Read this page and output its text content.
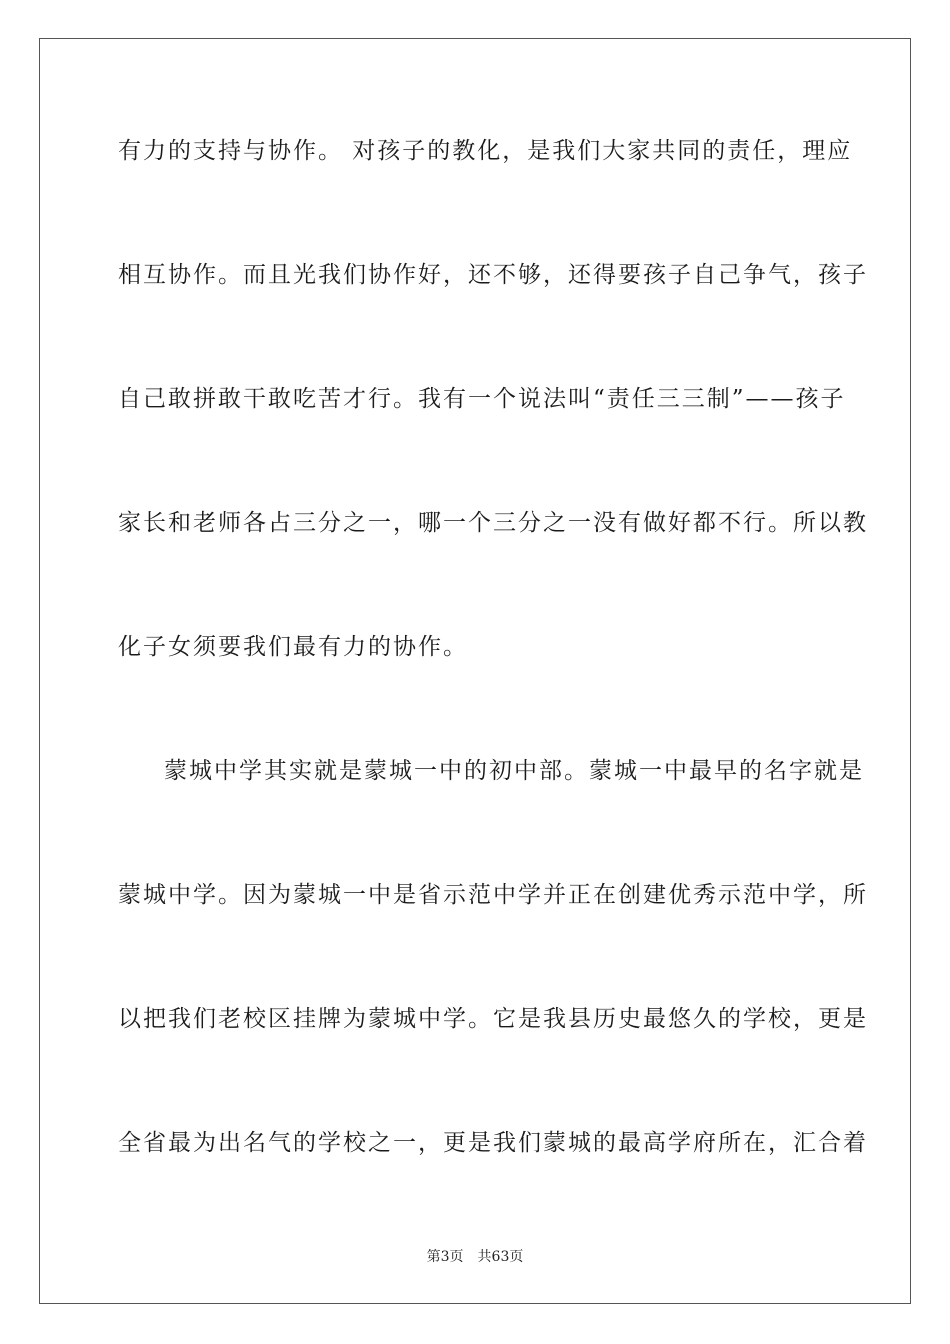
有力的支持与协作。 对孩子的教化，是我们大家共同的责任，理应
相互协作。而且光我们协作好，还不够，还得要孩子自己争气，孩子
自己敢拼敢干敢吃苦才行。我有一个说法叫“责任三三制”——孩子
家长和老师各占三分之一，哪一个三分之一没有做好都不行。所以教
化子女须要我们最有力的协作。
蒙城中学其实就是蒙城一中的初中部。蒙城一中最早的名字就是
蒙城中学。因为蒙城一中是省示范中学并正在创建优秀示范中学，所
以把我们老校区挂牌为蒙城中学。它是我县历史最悠久的学校，更是
全省最为出名气的学校之一，更是我们蒙城的最高学府所在，汇合着
第3页 共63页
